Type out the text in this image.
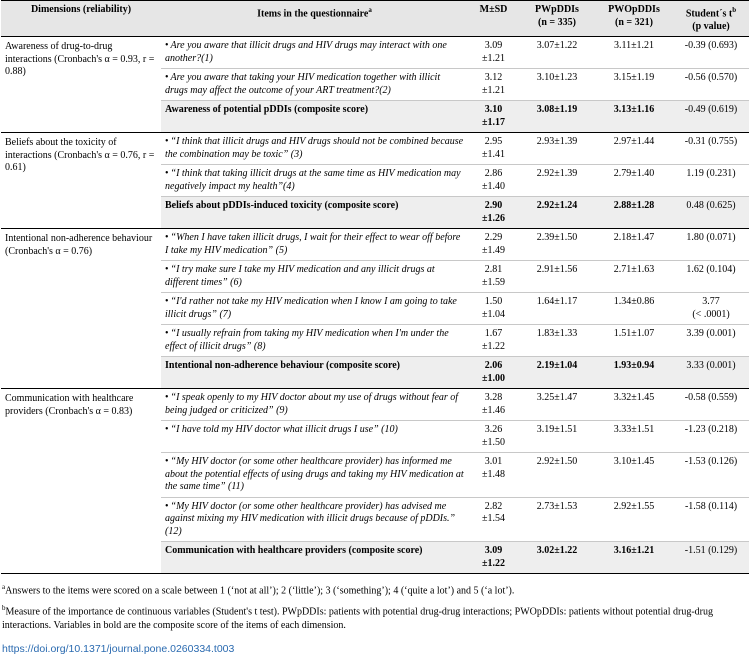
Dimensions (reliability)	Items in the questionnaire$^a$	M±SD	PWpDDIs
(n = 335)	PWOpDDIs
(n = 321)	Student´s $t^b$
(p value)
Awareness of drug-to-drug interactions (Cronbach's α = 0.93, r = 0.88)	• Are you aware that illicit drugs and HIV drugs may interact with one another?(1)	3.09
±1.21	3.07±1.22	3.11±1.21	-0.39 (0.693)
	• Are you aware that taking your HIV medication together with illicit drugs may affect the outcome of your ART treatment?(2)	3.12
±1.21	3.10±1.23	3.15±1.19	-0.56 (0.570)
	Awareness of potential pDDIs (composite score)	3.10
±1.17	3.08±1.19	3.13±1.16	-0.49 (0.619)
Beliefs about the toxicity of interactions (Cronbach's α = 0.76, r = 0.61)	• “I think that illicit drugs and HIV drugs should not be combined because the combination may be toxic” (3)	2.95
±1.41	2.93±1.39	2.97±1.44	-0.31 (0.755)
	• “I think that taking illicit drugs at the same time as HIV medication may negatively impact my health”(4)	2.86
±1.40	2.92±1.39	2.79±1.40	1.19 (0.231)
	Beliefs about pDDIs-induced toxicity (composite score)	2.90
±1.26	2.92±1.24	2.88±1.28	0.48 (0.625)
Intentional non-adherence behaviour (Cronbach's α = 0.76)	• “When I have taken illicit drugs, I wait for their effect to wear off before I take my HIV medication” (5)	2.29
±1.49	2.39±1.50	2.18±1.47	1.80 (0.071)
	• “I try make sure I take my HIV medication and any illicit drugs at different times” (6)	2.81
±1.59	2.91±1.56	2.71±1.63	1.62 (0.104)
	• “I'd rather not take my HIV medication when I know I am going to take illicit drugs” (7)	1.50
±1.04	1.64±1.17	1.34±0.86	3.77
(< .0001)
	• “I usually refrain from taking my HIV medication when I'm under the effect of illicit drugs” (8)	1.67
±1.22	1.83±1.33	1.51±1.07	3.39 (0.001)
	Intentional non-adherence behaviour (composite score)	2.06
±1.00	2.19±1.04	1.93±0.94	3.33 (0.001)
Communication with healthcare providers (Cronbach's α = 0.83)	• “I speak openly to my HIV doctor about my use of drugs without fear of being judged or criticized” (9)	3.28
±1.46	3.25±1.47	3.32±1.45	-0.58 (0.559)
	• “I have told my HIV doctor what illicit drugs I use” (10)	3.26
±1.50	3.19±1.51	3.33±1.51	-1.23 (0.218)
	• “My HIV doctor (or some other healthcare provider) has informed me about the potential effects of using drugs and taking my HIV medication at the same time” (11)	3.01
±1.48	2.92±1.50	3.10±1.45	-1.53 (0.126)
	• “My HIV doctor (or some other healthcare provider) has advised me against mixing my HIV medication with illicit drugs because of pDDIs.” (12)	2.82
±1.54	2.73±1.53	2.92±1.55	-1.58 (0.114)
	Communication with healthcare providers (composite score)	3.09
±1.22	3.02±1.22	3.16±1.21	-1.51 (0.129)
$^a$Answers to the items were scored on a scale between 1 (‘not at all’); 2 (‘little’); 3 (‘something’); 4 (‘quite a lot’) and 5 (‘a lot’).
$^b$Measure of the importance de continuous variables (Student's t test). PWpDDIs: patients with potential drug-drug interactions; PWOpDDIs: patients without potential drug-drug interactions. Variables in bold are the composite score of the items of each dimension.
https://doi.org/10.1371/journal.pone.0260334.t003
